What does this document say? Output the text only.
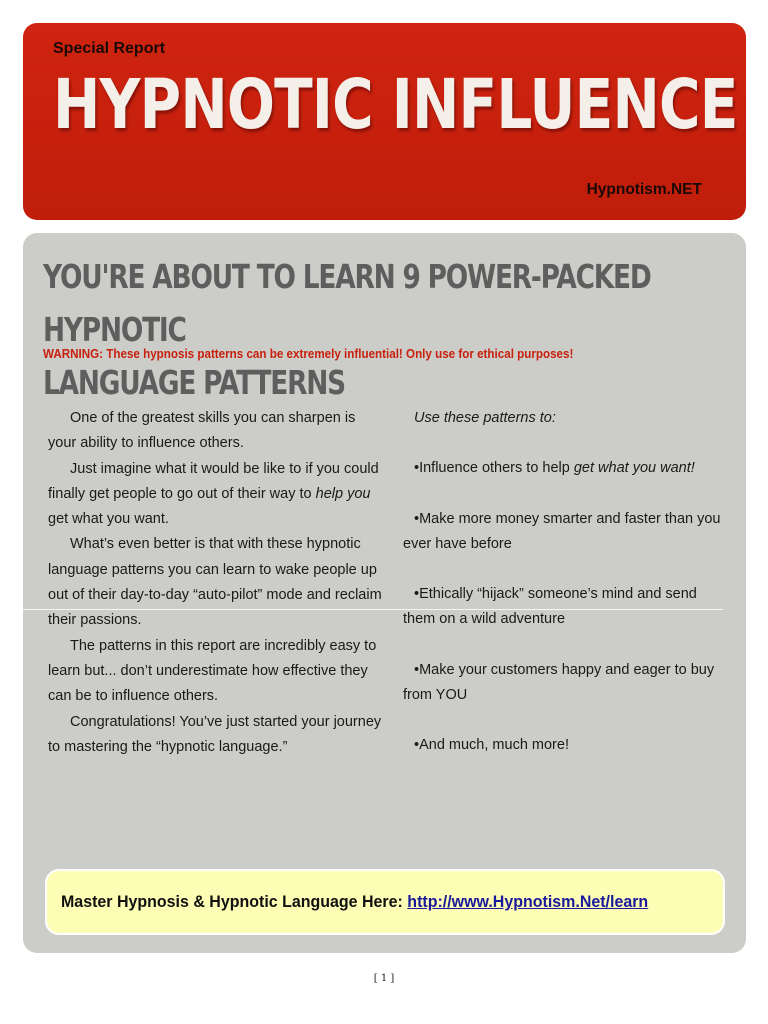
Special Report
HYPNOTIC INFLUENCE
Hypnotism.NET
YOU'RE ABOUT TO LEARN 9 POWER-PACKED HYPNOTIC
LANGUAGE PATTERNS
WARNING: These hypnosis patterns can be extremely influential! Only use for ethical purposes!

One of the greatest skills you can sharpen is your ability to influence others.

Just imagine what it would be like to if you could finally get people to go out of their way to help you get what you want.

What’s even better is that with these hypnotic language patterns you can learn to wake people up out of their day-to-day “auto-pilot” mode and reclaim their passions.

The patterns in this report are incredibly easy to learn but... don’t underestimate how effective they can be to influence others.

Congratulations! You’ve just started your journey to mastering the “hypnotic language.”

Use these patterns to:
•Influence others to help get what you want!
•Make more money smarter and faster than you ever have before
•Ethically “hijack” someone’s mind and send them on a wild adventure
•Make your customers happy and eager to buy from YOU
•And much, much more!
Master Hypnosis & Hypnotic Language Here: http://www.Hypnotism.Net/learn
[ 1 ]
